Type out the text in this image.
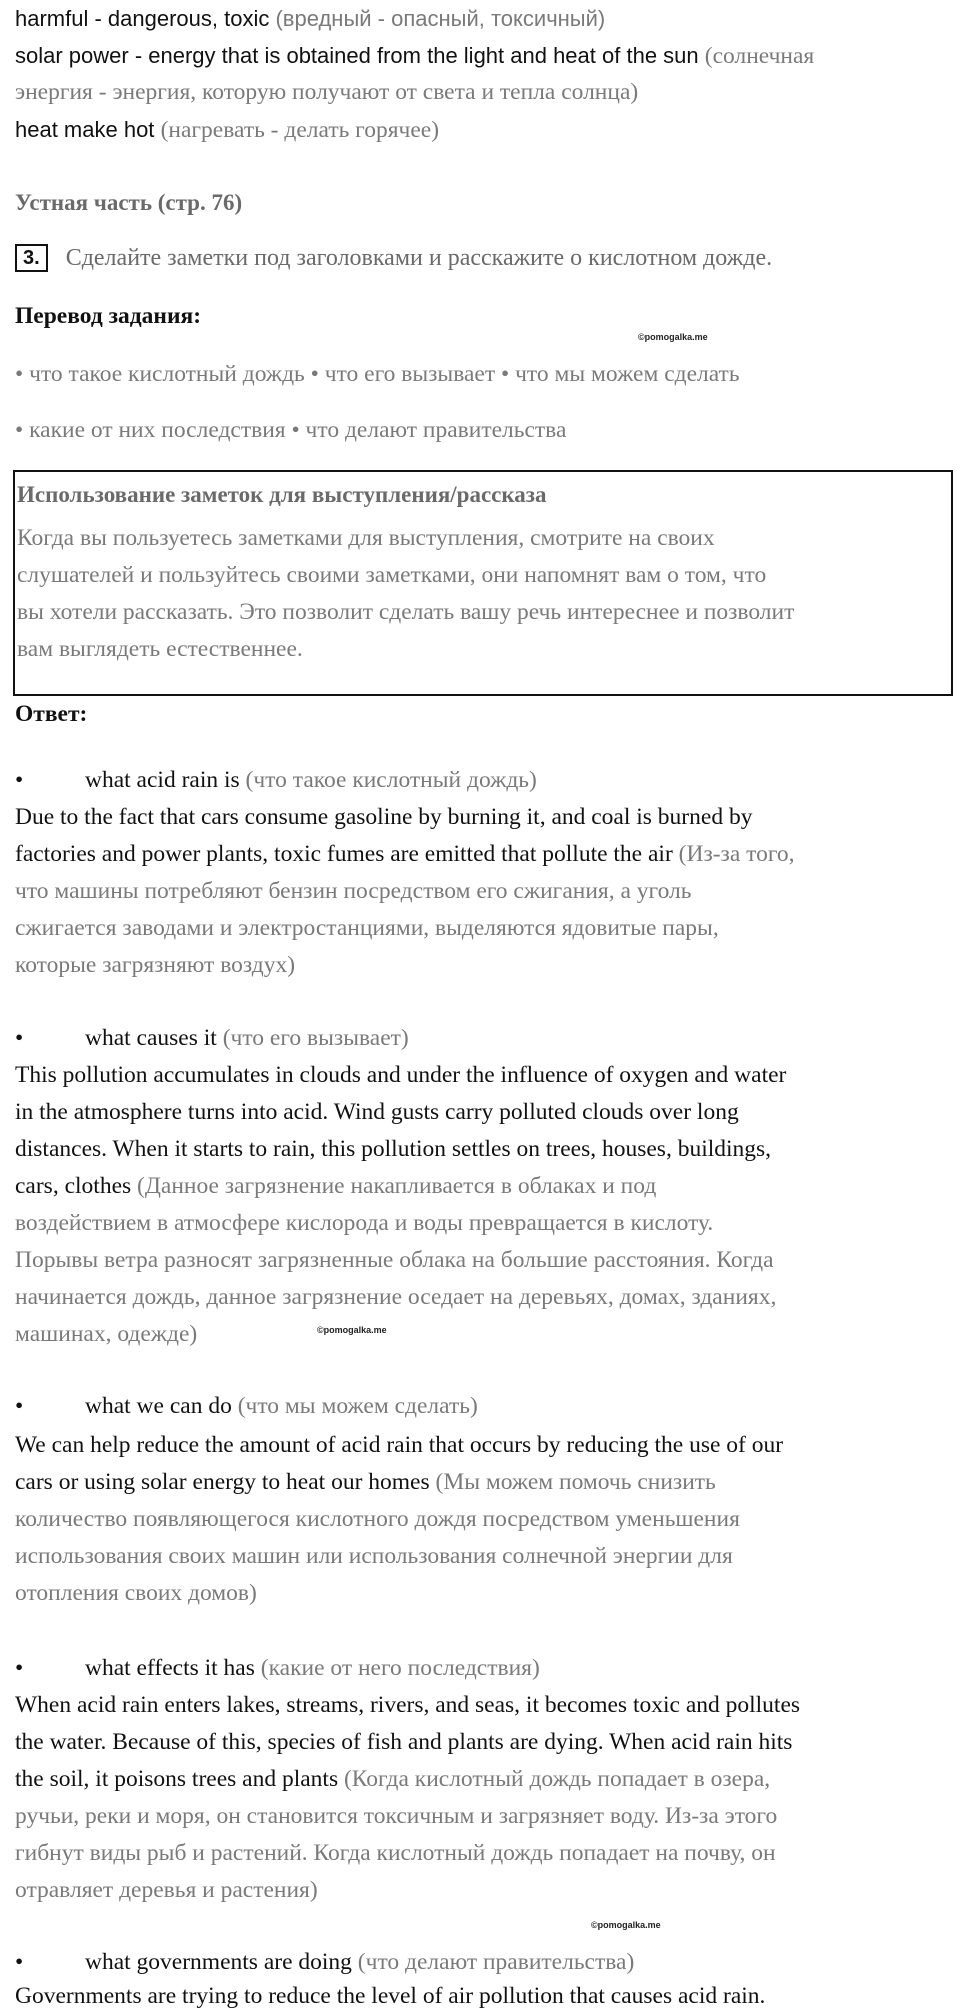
harmful - dangerous, toxic (вредный - опасный, токсичный)
solar power - energy that is obtained from the light and heat of the sun (солнечная
энергия - энергия, которую получают от света и тепла солнца)
heat make hot (нагревать - делать горячее)
Устная часть (стр. 76)
3.	Сделайте заметки под заголовками и расскажите о кислотном дожде.
Перевод задания:
©pomogalka.me
• что такое кислотный дождь • что его вызывает • что мы можем сделать
• какие от них последствия • что делают правительства
Использование заметок для выступления/рассказа
Когда вы пользуетесь заметками для выступления, смотрите на своих
слушателей и пользуйтесь своими заметками, они напомнят вам о том, что
вы хотели рассказать. Это позволит сделать вашу речь интереснее и позволит
вам выглядеть естественнее.
Ответ:
•	what acid rain is
(что такое кислотный дождь)
Due to the fact that cars consume gasoline by burning it, and coal is burned by
factories and power plants, toxic fumes are emitted that pollute the air (Из-за того,
что машины потребляют бензин посредством его сжигания, а уголь
сжигается заводами и электростанциями, выделяются ядовитые пары,
которые загрязняют воздух)
•	what causes it
(что его вызывает)
This pollution accumulates in clouds and under the influence of oxygen and water
in the atmosphere turns into acid. Wind gusts carry polluted clouds over long
distances. When it starts to rain, this pollution settles on trees, houses, buildings,
cars, clothes (Данное загрязнение накапливается в облаках и под
воздействием в атмосфере кислорода и воды превращается в кислоту.
Порывы ветра разносят загрязненные облака на большие расстояния. Когда
начинается дождь, данное загрязнение оседает на деревьях, домах, зданиях,
машинах, одежде)	©pomogalka.me
•	what we can do
(что мы можем сделать)
We can help reduce the amount of acid rain that occurs by reducing the use of our
cars or using solar energy to heat our homes (Мы можем помочь снизить
количество появляющегося кислотного дождя посредством уменьшения
использования своих машин или использования солнечной энергии для
отопления своих домов)
•	what effects it has
(какие от него последствия)
When acid rain enters lakes, streams, rivers, and seas, it becomes toxic and pollutes
the water. Because of this, species of fish and plants are dying. When acid rain hits
the soil, it poisons trees and plants (Когда кислотный дождь попадает в озера,
ручьи, реки и моря, он становится токсичным и загрязняет воду. Из-за этого
гибнут виды рыб и растений. Когда кислотный дождь попадает на почву, он
отравляет деревья и растения)
©pomogalka.me
•	what governments are doing
(что делают правительства)
Governments are trying to reduce the level of air pollution that causes acid rain.
